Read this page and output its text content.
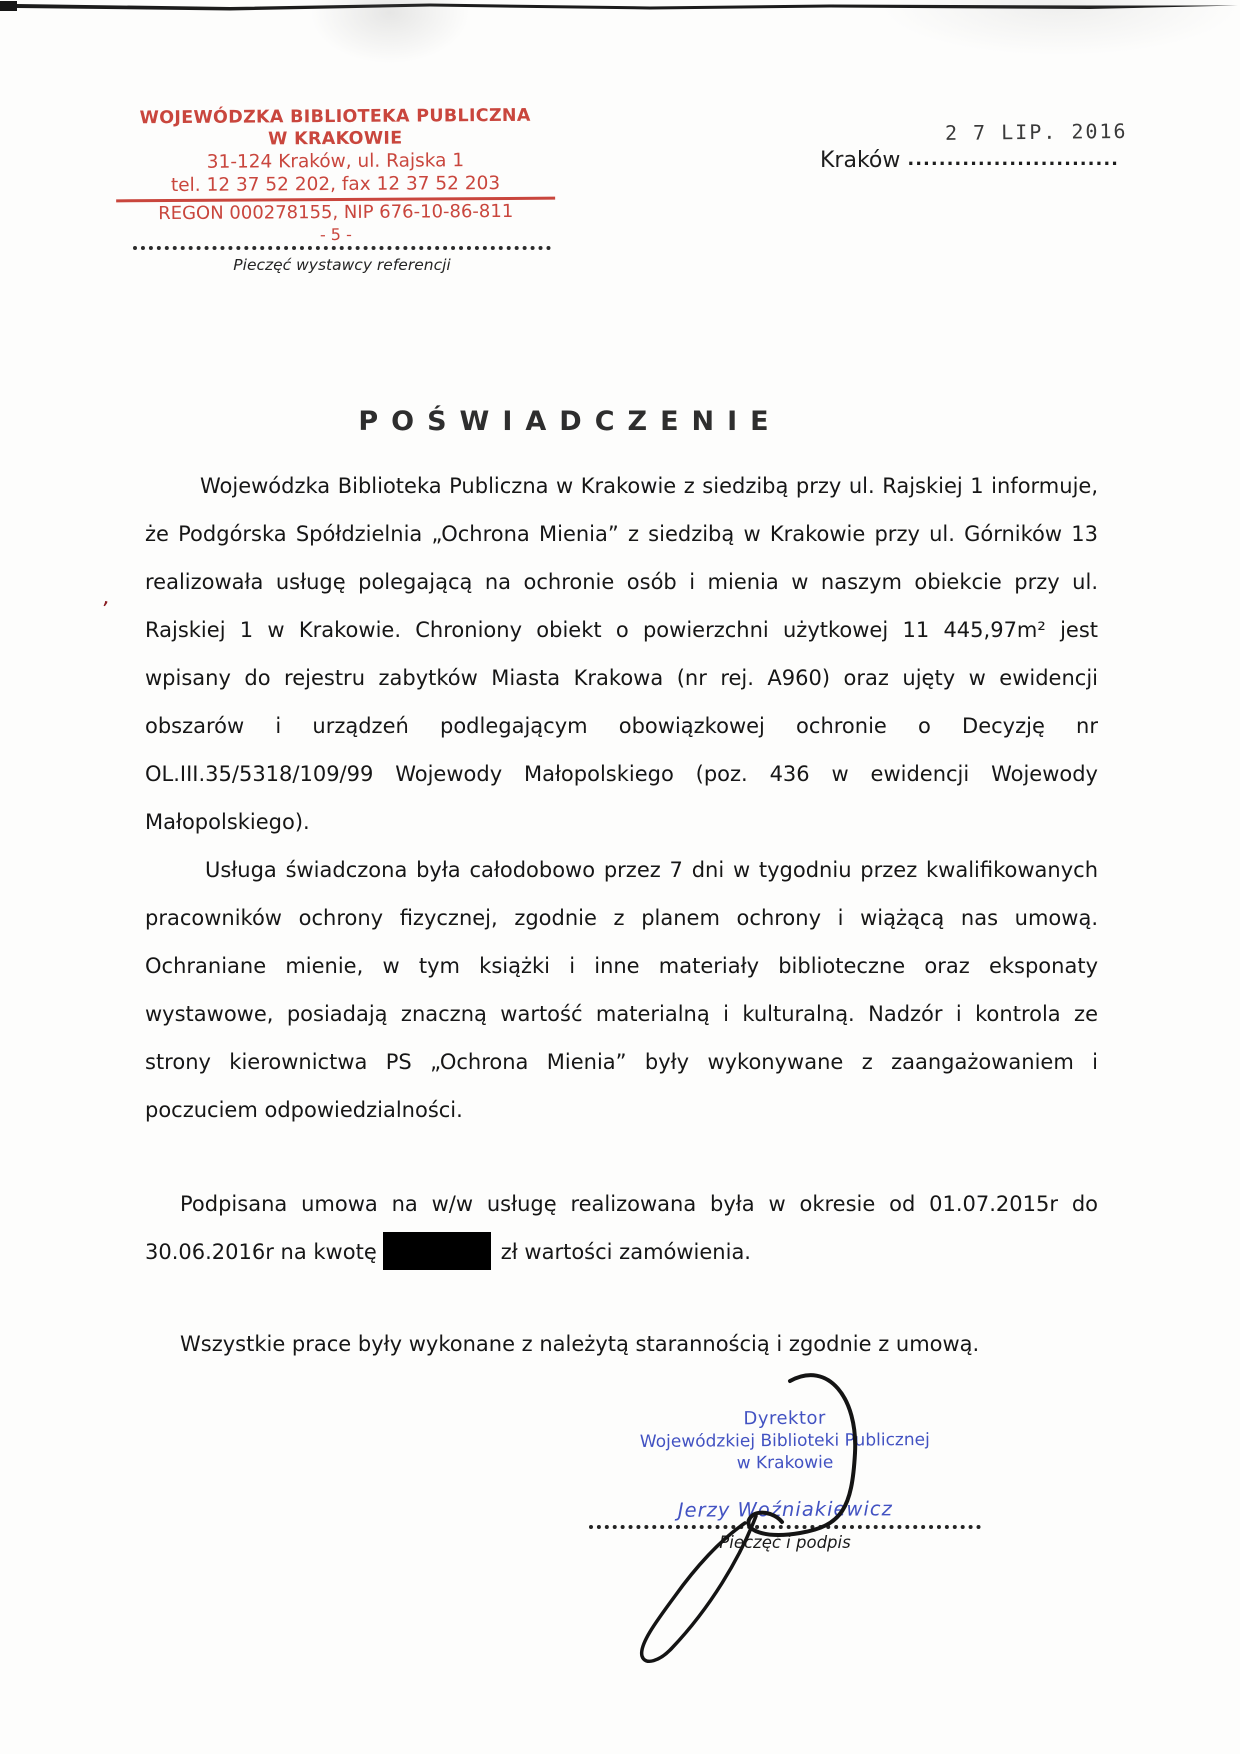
’
WOJEWÓDZKA BIBLIOTEKA PUBLICZNA
W KRAKOWIE
31-124 Kraków, ul. Rajska 1
tel. 12 37 52 202, fax 12 37 52 203
REGON 000278155, NIP 676-10-86-811
- 5 -
Pieczęć wystawcy referencji
2 7 LIP. 2016
Kraków ...........................
POŚWIADCZENIE

Wojewódzka Biblioteka Publiczna w Krakowie z siedzibą przy ul. Rajskiej 1 informuje, że Podgórska Spółdzielnia „Ochrona Mienia” z siedzibą w Krakowie przy ul. Górników 13 realizowała usługę polegającą na ochronie osób i mienia w naszym obiekcie przy ul. Rajskiej 1 w Krakowie. Chroniony obiekt o powierzchni użytkowej 11 445,97m² jest wpisany do rejestru zabytków Miasta Krakowa (nr rej. A960) oraz ujęty w ewidencji obszarów i urządzeń podlegającym obowiązkowej ochronie o Decyzję nr OL.III.35/5318/109/99 Wojewody Małopolskiego (poz. 436 w ewidencji Wojewody Małopolskiego).

Usługa świadczona była całodobowo przez 7 dni w tygodniu przez kwalifikowanych pracowników ochrony fizycznej, zgodnie z planem ochrony i wiążącą nas umową. Ochraniane mienie, w tym książki i inne materiały biblioteczne oraz eksponaty wystawowe, posiadają znaczną wartość materialną i kulturalną. Nadzór i kontrola ze strony kierownictwa PS „Ochrona Mienia” były wykonywane z zaangażowaniem i poczuciem odpowiedzialności.

Podpisana umowa na w/w usługę realizowana była w okresie od 01.07.2015r do 30.06.2016r na kwotę	zł wartości zamówienia.

Wszystkie prace były wykonane z należytą starannością i zgodnie z umową.

Dyrektor
Wojewódzkiej Biblioteki Publicznej
w Krakowie
Jerzy Woźniakiewicz
Pieczęć i podpis
